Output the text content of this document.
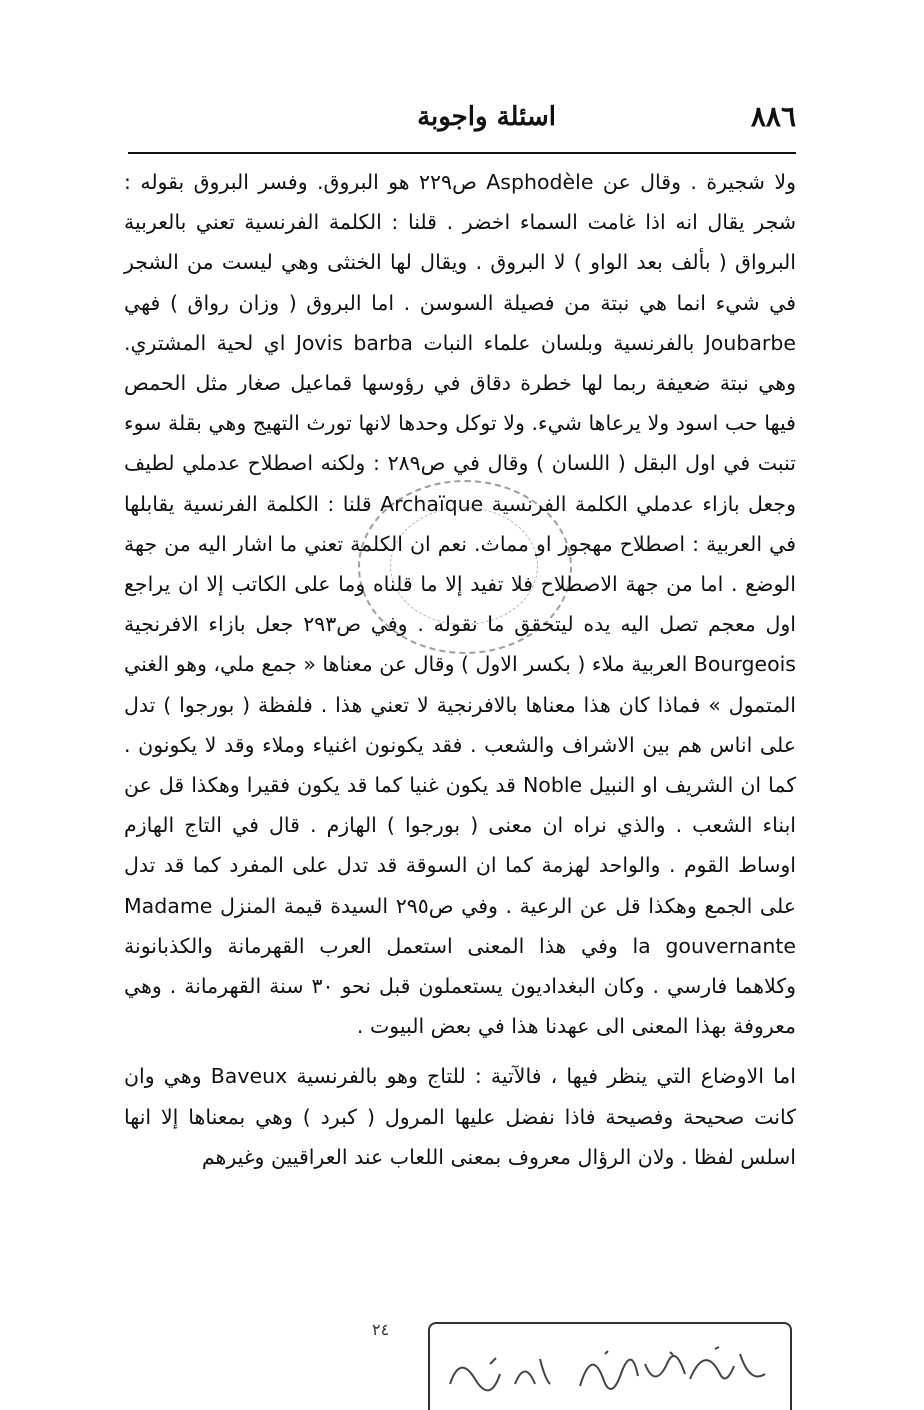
٨٨٦
اسئلة واجوبة

ولا شجيرة . وقال عن Asphodèle ص٢٢٩ هو البروق. وفسر البروق بقوله : شجر يقال انه اذا غامت السماء اخضر . قلنا : الكلمة الفرنسية تعني بالعربية البرواق ( بألف بعد الواو ) لا البروق . ويقال لها الخنثى وهي ليست من الشجر في شيء انما هي نبتة من فصيلة السوسن . اما البروق ( وزان رواق ) فهي Joubarbe بالفرنسية وبلسان علماء النبات Jovis barba اي لحية المشتري. وهي نبتة ضعيفة ربما لها خطرة دقاق في رؤوسها قماعيل صغار مثل الحمص فيها حب اسود ولا يرعاها شيء. ولا توكل وحدها لانها تورث التهيج وهي بقلة سوء تنبت في اول البقل ( اللسان ) وقال في ص٢٨٩ : ولكنه اصطلاح عدملي لطيف وجعل بازاء عدملي الكلمة الفرنسية Archaïque قلنا : الكلمة الفرنسية يقابلها في العربية : اصطلاح مهجور او مماث. نعم ان الكلمة تعني ما اشار اليه من جهة الوضع . اما من جهة الاصطلاح فلا تفيد إلا ما قلناه وما على الكاتب إلا ان يراجع اول معجم تصل اليه يده ليتحقق ما نقوله . وفي ص٢٩٣ جعل بازاء الافرنجية Bourgeois العربية ملاء ( بكسر الاول ) وقال عن معناها « جمع ملي، وهو الغني المتمول » فماذا كان هذا معناها بالافرنجية لا تعني هذا . فلفظة ( بورجوا ) تدل على اناس هم بين الاشراف والشعب . فقد يكونون اغنياء وملاء وقد لا يكونون . كما ان الشريف او النبيل Noble قد يكون غنيا كما قد يكون فقيرا وهكذا قل عن ابناء الشعب . والذي نراه ان معنى ( بورجوا ) الهازم . قال في التاج الهازم اوساط القوم . والواحد لهزمة كما ان السوقة قد تدل على المفرد كما قد تدل على الجمع وهكذا قل عن الرعية . وفي ص٢٩٥ السيدة قيمة المنزل Madame la gouvernante وفي هذا المعنى استعمل العرب القهرمانة والكذبانونة وكلاهما فارسي . وكان البغداديون يستعملون قبل نحو ٣٠ سنة القهرمانة . وهي معروفة بهذا المعنى الى عهدنا هذا في بعض البيوت .

اما الاوضاع التي ينظر فيها ، فالآتية : للتاج وهو بالفرنسية Baveux وهي وان كانت صحيحة وفصيحة فاذا نفضل عليها المرول ( كبرد ) وهي بمعناها إلا انها اسلس لفظا . ولان الرؤال معروف بمعنى اللعاب عند العراقيين وغيرهم

٢٤
